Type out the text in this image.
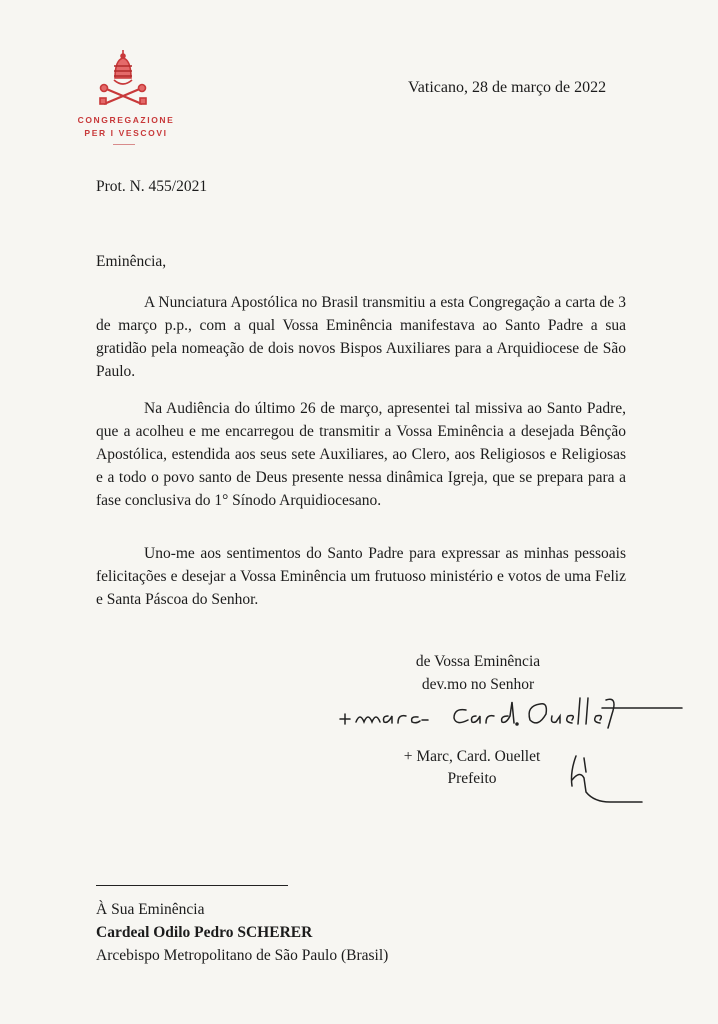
CONGREGAZIONE
PER I VESCOVI
Vaticano, 28 de março de 2022
Prot. N. 455/2021
Eminência,

A Nunciatura Apostólica no Brasil transmitiu a esta Congregação a carta de 3 de março p.p., com a qual Vossa Eminência manifestava ao Santo Padre a sua gratidão pela nomeação de dois novos Bispos Auxiliares para a Arquidiocese de São Paulo.

Na Audiência do último 26 de março, apresentei tal missiva ao Santo Padre, que a acolheu e me encarregou de transmitir a Vossa Eminência a desejada Bênção Apostólica, estendida aos seus sete Auxiliares, ao Clero, aos Religiosos e Religiosas e a todo o povo santo de Deus presente nessa dinâmica Igreja, que se prepara para a fase conclusiva do 1° Sínodo Arquidiocesano.

Uno-me aos sentimentos do Santo Padre para expressar as minhas pessoais felicitações e desejar a Vossa Eminência um frutuoso ministério e votos de uma Feliz e Santa Páscoa do Senhor.

de Vossa Eminência
dev.mo no Senhor
+ Marc, Card. Ouellet
Prefeito
À Sua Eminência
Cardeal Odilo Pedro SCHERER
Arcebispo Metropolitano de São Paulo (Brasil)
